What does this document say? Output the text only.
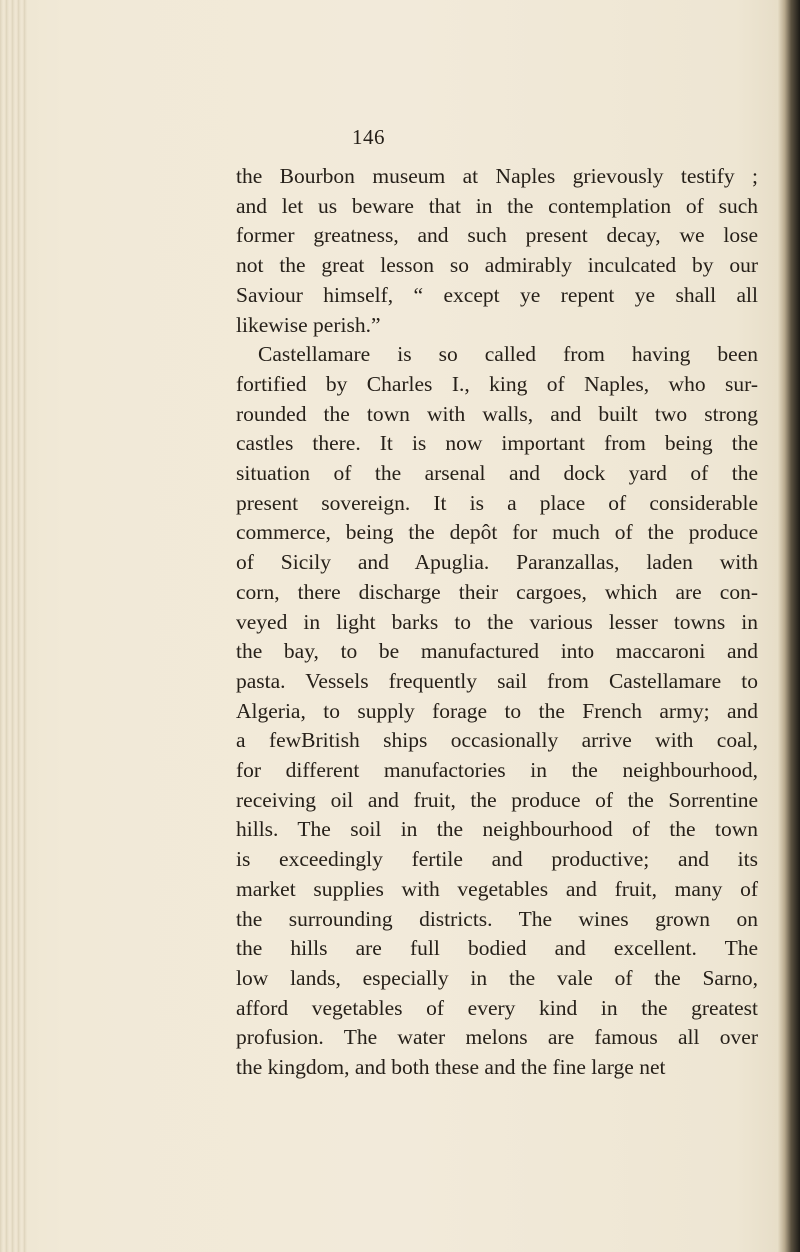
146

the Bourbon museum at Naples grievously testify ;
and let us beware that in the contemplation of such
former greatness, and such present decay, we lose
not the great lesson so admirably inculcated by our
Saviour himself, “ except ye repent ye shall all
likewise perish.”

Castellamare is so called from having been
fortified by Charles I., king of Naples, who sur-
rounded the town with walls, and built two strong
castles there. It is now important from being the
situation of the arsenal and dock yard of the
present sovereign. It is a place of considerable
commerce, being the depôt for much of the produce
of Sicily and Apuglia. Paranzallas, laden with
corn, there discharge their cargoes, which are con-
veyed in light barks to the various lesser towns in
the bay, to be manufactured into maccaroni and
pasta. Vessels frequently sail from Castellamare to
Algeria, to supply forage to the French army; and
a fewBritish ships occasionally arrive with coal,
for different manufactories in the neighbourhood,
receiving oil and fruit, the produce of the Sorrentine
hills. The soil in the neighbourhood of the town
is exceedingly fertile and productive; and its
market supplies with vegetables and fruit, many of
the surrounding districts. The wines grown on
the hills are full bodied and excellent. The
low lands, especially in the vale of the Sarno,
afford vegetables of every kind in the greatest
profusion. The water melons are famous all over
the kingdom, and both these and the fine large net
